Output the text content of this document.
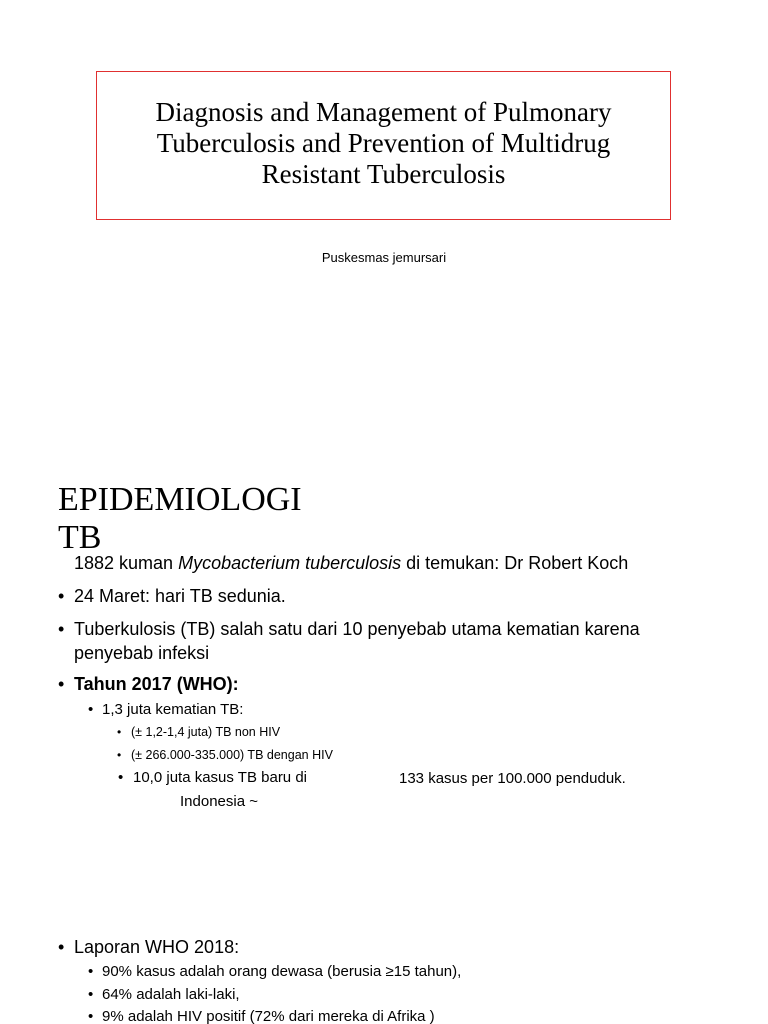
Diagnosis and Management of Pulmonary Tuberculosis and Prevention of Multidrug Resistant Tuberculosis
Puskesmas jemursari
EPIDEMIOLOGI
TB
1882 kuman Mycobacterium tuberculosis di temukan: Dr Robert Koch
• 24 Maret: hari TB sedunia.
• Tuberkulosis (TB) salah satu dari 10 penyebab utama kematian karena
penyebab infeksi
• Tahun 2017 (WHO):
• 1,3 juta kematian TB:
• (± 1,2-1,4 juta) TB non HIV
• (± 266.000-335.000) TB dengan HIV
• 10,0 juta kasus TB baru di
Indonesia ~
133 kasus per 100.000 penduduk.
• Laporan WHO 2018:
• 90% kasus adalah orang dewasa (berusia ≥15 tahun),
• 64% adalah laki-laki,
• 9% adalah HIV positif (72% dari mereka di Afrika )
